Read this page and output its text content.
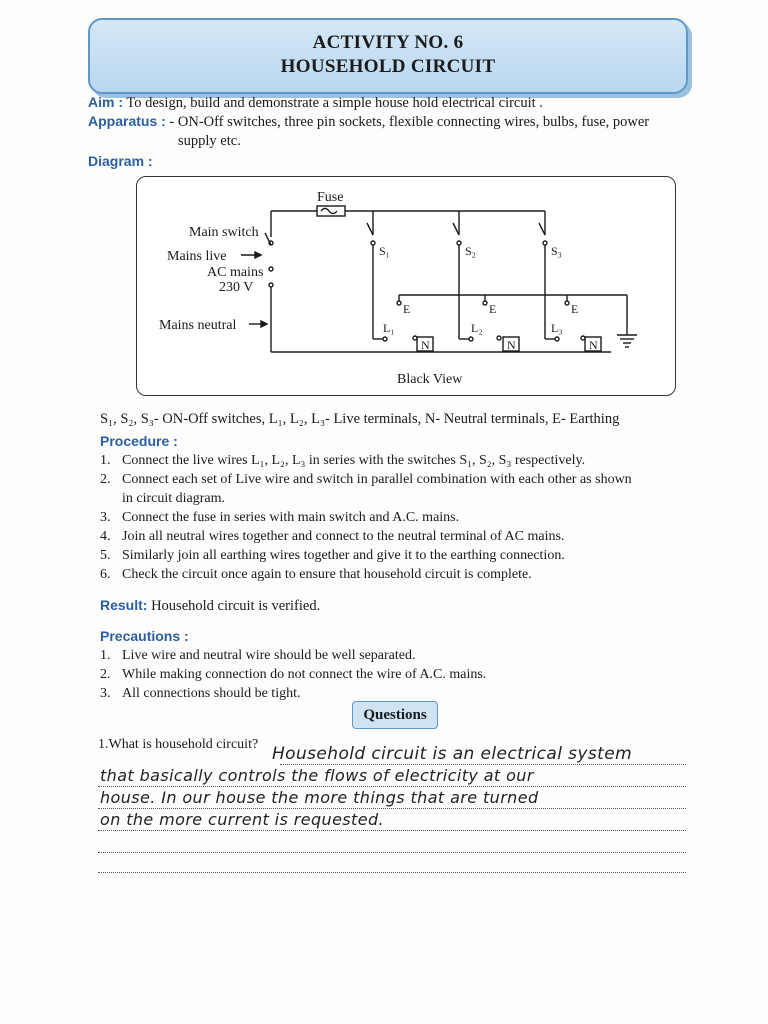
ACTIVITY NO. 6
HOUSEHOLD CIRCUIT
Aim : To design, build and demonstrate a simple house hold electrical circuit .
Apparatus : - ON-Off switches, three pin sockets, flexible connecting wires, bulbs, fuse, power
supply etc.
Diagram :
Fuse
Main switch
Mains live
AC mains
230 V
Mains neutral
S₁	S₂	S₃
E	E	E
L₁	L₂	L₃
N	N	N
Black View
S₁, S₂, S₃- ON-Off switches, L₁, L₂, L₃- Live terminals, N- Neutral terminals, E- Earthing
Procedure :
1. Connect the live wires L₁, L₂, L₃ in series with the switches S₁, S₂, S₃ respectively.
2. Connect each set of Live wire and switch in parallel combination with each other as shown
in circuit diagram.
3. Connect the fuse in series with main switch and A.C. mains.
4. Join all neutral wires together and connect to the neutral terminal of AC mains.
5. Similarly join all earthing wires together and give it to the earthing connection.
6. Check the circuit once again to ensure that household circuit is complete.
Result: Household circuit is verified.
Precautions :
1. Live wire and neutral wire should be well separated.
2. While making connection do not connect the wire of A.C. mains.
3. All connections should be tight.
Questions
1.What is household circuit? Household circuit is an electrical system
that basically controls the flows of electricity at our
house. In our house the more things that are turned
on the more current is requested.
